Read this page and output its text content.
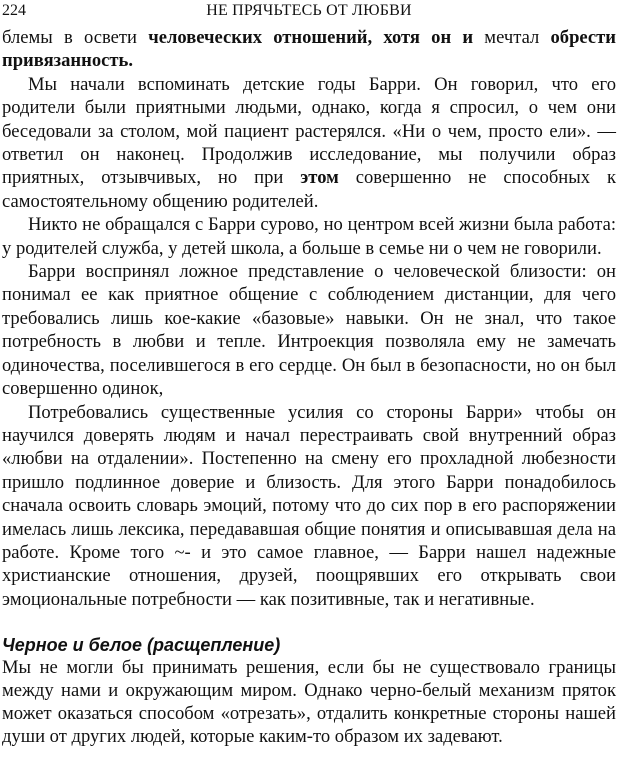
224	НЕ ПРЯЧЬТЕСЬ ОТ ЛЮБВИ

блемы в освети человеческих отношений, хотя он и мечтал обрести привязанность.

Мы начали вспоминать детские годы Барри. Он говорил, что его родители были приятными людьми, однако, когда я спросил, о чем они беседовали за столом, мой пациент растерялся. «Ни о чем, просто ели». — ответил он наконец. Продолжив исследование, мы получили образ приятных, отзывчивых, но при этом совершенно не способных к самостоятельному общению родителей.

Никто не обращался с Барри сурово, но центром всей жизни была работа: у родителей служба, у детей школа, а больше в семье ни о чем не говорили.

Барри воспринял ложное представление о человеческой близости: он понимал ее как приятное общение с соблюдением дистанции, для чего требовались лишь кое-какие «базовые» навыки. Он не знал, что такое потребность в любви и тепле. Интроекция позволяла ему не замечать одиночества, поселившегося в его сердце. Он был в безопасности, но он был совершенно одинок,

Потребовались существенные усилия со стороны Барри» чтобы он научился доверять людям и начал перестраивать свой внутренний образ «любви на отдалении». Постепенно на смену его прохладной любезности пришло подлинное доверие и близость. Для этого Барри понадобилось сначала освоить словарь эмоций, потому что до сих пор в его распоряжении имелась лишь лексика, передававшая общие понятия и описывавшая дела на работе. Кроме того ~- и это самое главное, — Барри нашел надежные христианские отношения, друзей, поощрявших его открывать свои эмоциональные потребности — как позитивные, так и негативные.

Черное и белое (расщепление)

Мы не могли бы принимать решения, если бы не существовало границы между нами и окружающим миром. Однако черно-белый механизм пряток может оказаться способом «отрезать», отдалить конкретные стороны нашей души от других людей, которые каким-то образом их задевают.
